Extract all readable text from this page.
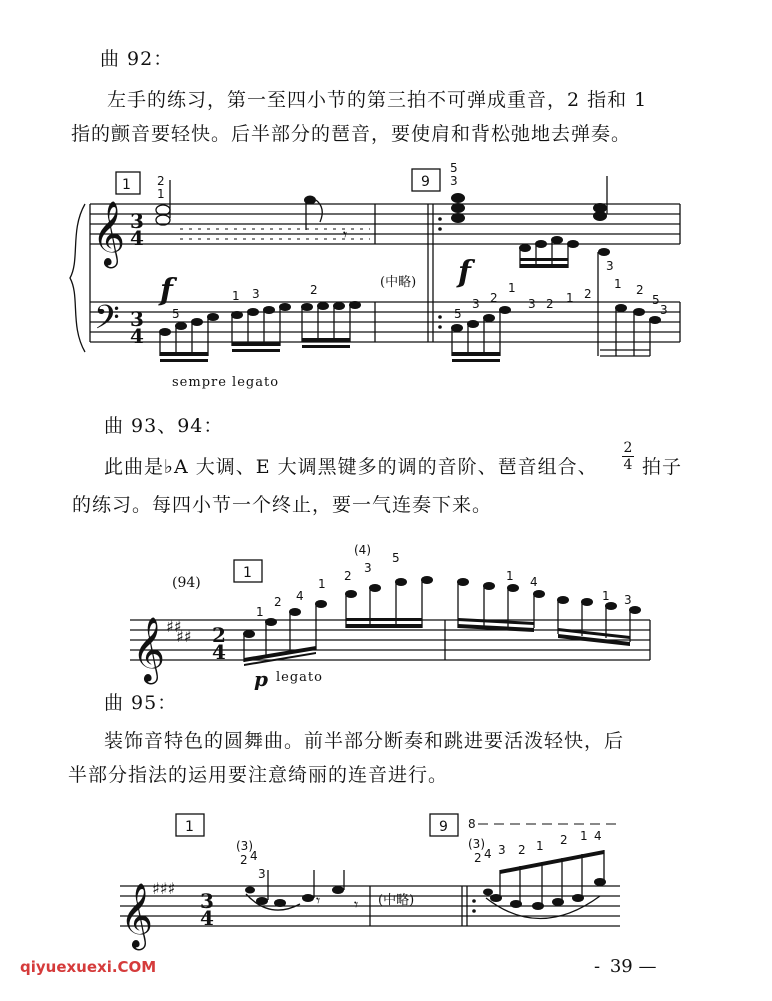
曲 92：
左手的练习，第一至四小节的第三拍不可弹成重音，2 指和 1
指的颤音要轻快。后半部分的琶音，要使肩和背松弛地去弹奏。
1	9
𝄞
𝄢
3
4
3
4
2
1
𝄾
f
5
1 3	2	(中略)
5
3
f	3
5
3 2
1
3 2 1 2
1 2
5
3
sempre legato
曲 93、94：
此曲是♭A 大调、E 大调黑键多的调的音阶、琶音组合、
2
4 拍子
的练习。每四小节一个终止，要一气连奏下来。
(94)
1
𝄞 ♯♯
♯♯ 2
4
1
2 4
1
2
3
(4)
5
1 4
1 3
p legato
曲 95：
装饰音特色的圆舞曲。前半部分断奏和跳进要活泼轻快，后
半部分指法的运用要注意绮丽的连音进行。
1	9
𝄞
♯♯♯
3
4
(3)
2 4
3
𝄾 𝄾 (中略)
8
(3)
2 4 3 2 1 2 1 4
- 39 —
qiyuexuexi.COM
